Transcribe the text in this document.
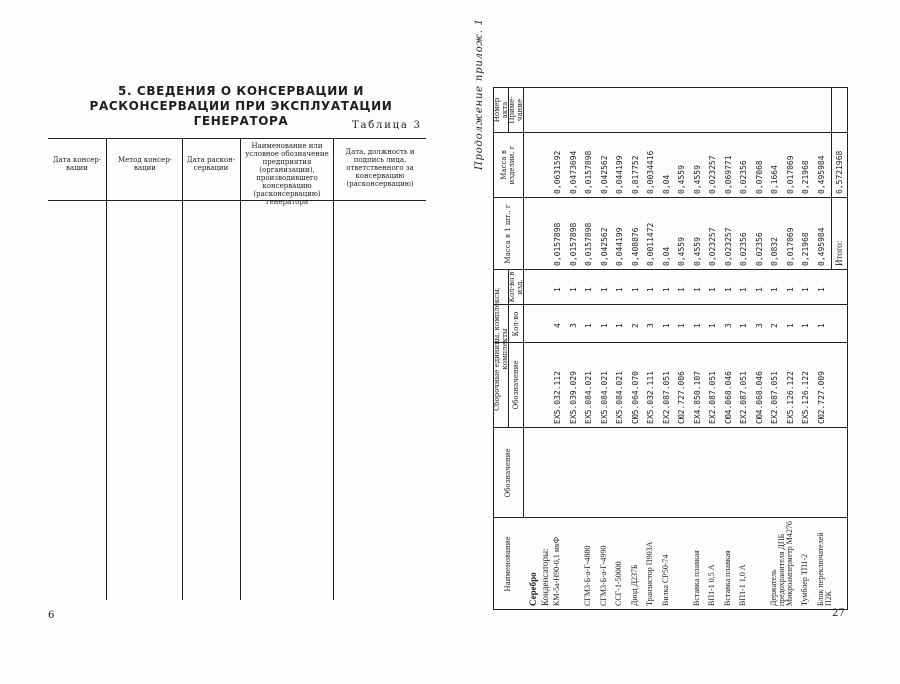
5. СВЕДЕНИЯ О КОНСЕРВАЦИИ И РАСКОНСЕРВАЦИИ ПРИ ЭКСПЛУАТАЦИИ ГЕНЕРАТОРА	Таблица 3
Дата консер-вации
Метод консер-вации
Дата раскон-сервации
Наименование или условное обозначение предприятия (организации), производившего консервацию (расконсервацию) генератора
Дата, должность и подпись лица, ответственного за консервацию (расконсервацию)
6
Продолжение прилож. 1
Наименование
Обозначение
Сборочные единицы, комплексы, комплекты
Обозначение
Кол-во
Кол-во в изд.
Масса в 1 шт., г
Масса в изделии, г
Номер акта Приме-чание
Серебро Конденсаторы: КМ-5а-Н90-0,1 мкФ
ЕХ5.032.112
4
1
0,0157898
0,0631592
ЕХ5.039.029
3
1
0,0157898
0,0473694
СГМ3-Б-а-Г-4880
ЕХ5.084.021
1
1
0,0157898
0,0157898
СГМ3-Б-а-Г-4990
ЕХ5.084.021
1
1
0,042562
0,042562
ССГ-1-50000
ЕХ5.084.021
1
1
0,044199
0,044199
Диод Д237Б
СЮ5.064.070
2
1
0,408876
0,817752
Транзистор П903А
ЕХ5.032.111
3
1
0,0011472
0,0034416
Вилка СР50-74
ЕХ2.087.051
1
1
0,04
0,04
СЮ2.727.006
1
1
0,4559
0,4559
Вставка плавкая
ЕХ4.850.107
1
1
0,4559
0,4559
ВП1-1 0,5 А
ЕХ2.087.051
1
1
0,023257
0,023257
Вставка плавкая
СЮ4.068.046
3
1
0,023257
0,069771
ВП1-1 1,0 А
ЕХ2.087.051
1
1
0,02356
0,02356
СЮ4.068.046
3
1
0,02356
0,07068
Держатель предохранителя ДПБ
ЕХ2.087.051
2
1
0,0832
0,1664
Микроамперметр М4276
ЕХ5.126.122
1
1
0,017069
0,017069
Тумблер ТП1-2
ЕХ5.126.122
1
1
0,21968
0,21968
Блок переключателей П2К
СЮ2.727.009
1
1
0,495984
0,495984
Итого:
6,5721968
27
